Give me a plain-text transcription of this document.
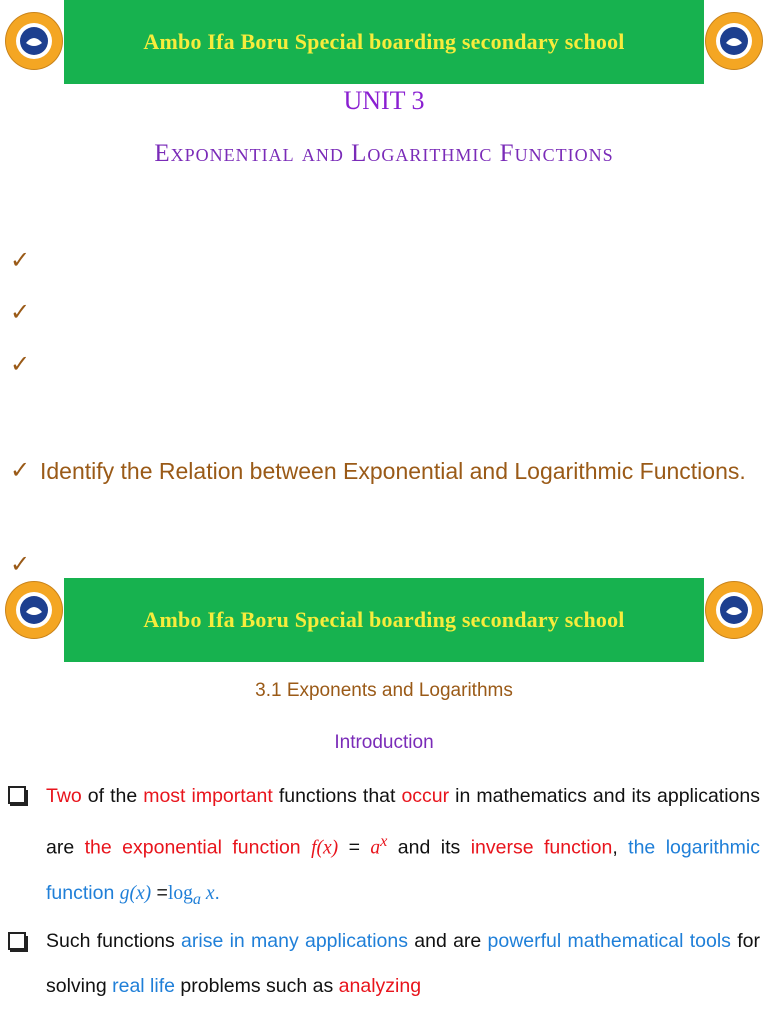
Ambo Ifa Boru Special boarding secondary school
UNIT 3
Exponential and Logarithmic Functions
✓
✓
✓
✓ Identify the Relation between Exponential and Logarithmic Functions.
✓
Ambo Ifa Boru Special boarding secondary school
3.1 Exponents and Logarithms
Introduction
Two of the most important functions that occur in mathematics and its applications are the exponential function $f(x) = a^x$ and its inverse function, the logarithmic function $g(x) =\log_a$ x.
Such functions arise in many applications and are powerful mathematical tools for solving real life problems such as analyzing
